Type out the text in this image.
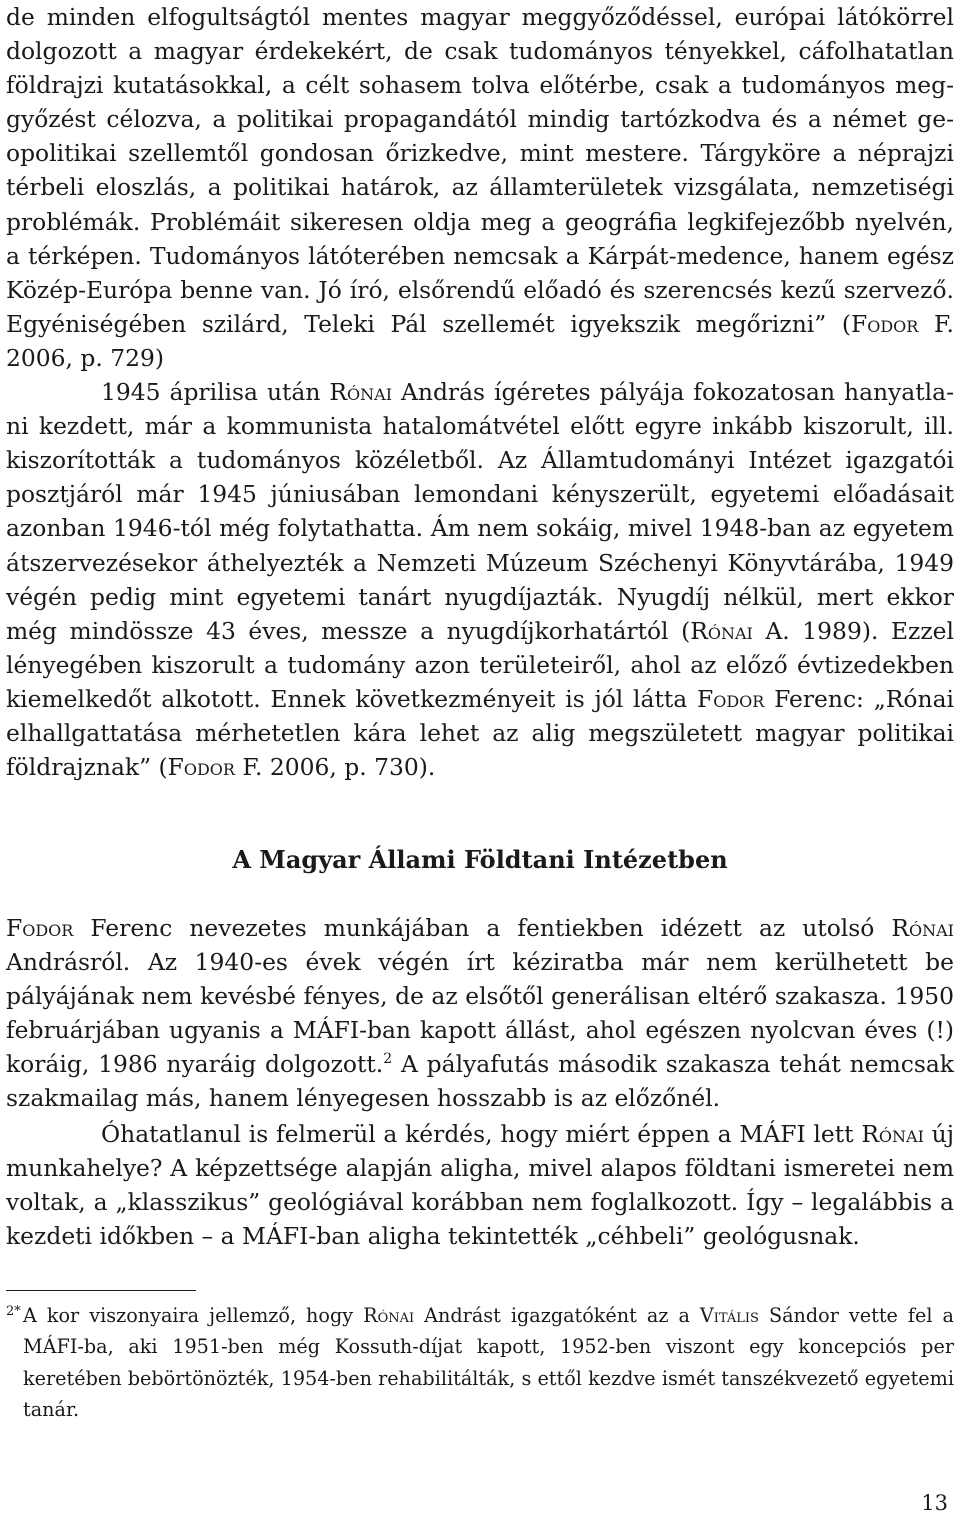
de minden elfogultságtól mentes magyar meggyőződéssel, európai látókörrel dolgozott a magyar érdekekért, de csak tudományos tényekkel, cáfolhatatlan földrajzi kutatásokkal, a célt sohasem tolva előtérbe, csak a tudományos meggyőzést célozva, a politikai propagandától mindig tartózkodva és a német geopolitikai szellemtől gondosan őrizkedve, mint mestere. Tárgyköre a néprajzi térbeli eloszlás, a politikai határok, az államterületek vizsgálata, nemzetiségi problémák. Problémáit sikeresen oldja meg a geográfia legkifejezőbb nyelvén, a térképen. Tudományos látóterében nemcsak a Kárpát-medence, hanem egész Közép-Európa benne van. Jó író, elsőrendű előadó és szerencsés kezű szervező. Egyéniségében szilárd, Teleki Pál szellemét igyekszik megőrizni” (Fodor F. 2006, p. 729)
1945 áprilisa után Rónai András ígéretes pályája fokozatosan hanyatlani kezdett, már a kommunista hatalomátvétel előtt egyre inkább kiszorult, ill. kiszorították a tudományos közéletből. Az Államtudományi Intézet igazgatói posztjáról már 1945 júniusában lemondani kényszerült, egyetemi előadásait azonban 1946-tól még folytathatta. Ám nem sokáig, mivel 1948-ban az egyetem átszervezésekor áthelyezték a Nemzeti Múzeum Széchenyi Könyvtárába, 1949 végén pedig mint egyetemi tanárt nyugdíjazták. Nyugdíj nélkül, mert ekkor még mindössze 43 éves, messze a nyugdíjkorhatártól (Rónai A. 1989). Ezzel lényegében kiszorult a tudomány azon területeiről, ahol az előző évtizedekben kiemelkedőt alkotott. Ennek következményeit is jól látta Fodor Ferenc: „Rónai elhallgattatása mérhetetlen kára lehet az alig megszületett magyar politikai földrajznak” (Fodor F. 2006, p. 730).

A Magyar Állami Földtani Intézetben

Fodor Ferenc nevezetes munkájában a fentiekben idézett az utolsó Rónai Andrásról. Az 1940-es évek végén írt kéziratba már nem kerülhetett be pályájának nem kevésbé fényes, de az elsőtől generálisan eltérő szakasza. 1950 februárjában ugyanis a MÁFI-ban kapott állást, ahol egészen nyolcvan éves (!) koráig, 1986 nyaráig dolgozott.$^2$ A pályafutás második szakasza tehát nemcsak szakmailag más, hanem lényegesen hosszabb is az előzőnél.

Óhatatlanul is felmerül a kérdés, hogy miért éppen a MÁFI lett Rónai új munkahelye? A képzettsége alapján aligha, mivel alapos földtani ismeretei nem voltak, a „klasszikus” geológiával korábban nem foglalkozott. Így – legalábbis a kezdeti időkben – a MÁFI-ban aligha tekintették „céhbeli” geológusnak.

2* A kor viszonyaira jellemző, hogy Rónai Andrást igazgatóként az a Vitális Sándor vette fel a MÁFI-ba, aki 1951-ben még Kossuth-díjat kapott, 1952-ben viszont egy koncepciós per keretében bebörtönözték, 1954-ben rehabilitálták, s ettől kezdve ismét tanszékvezető egyetemi tanár.

13
